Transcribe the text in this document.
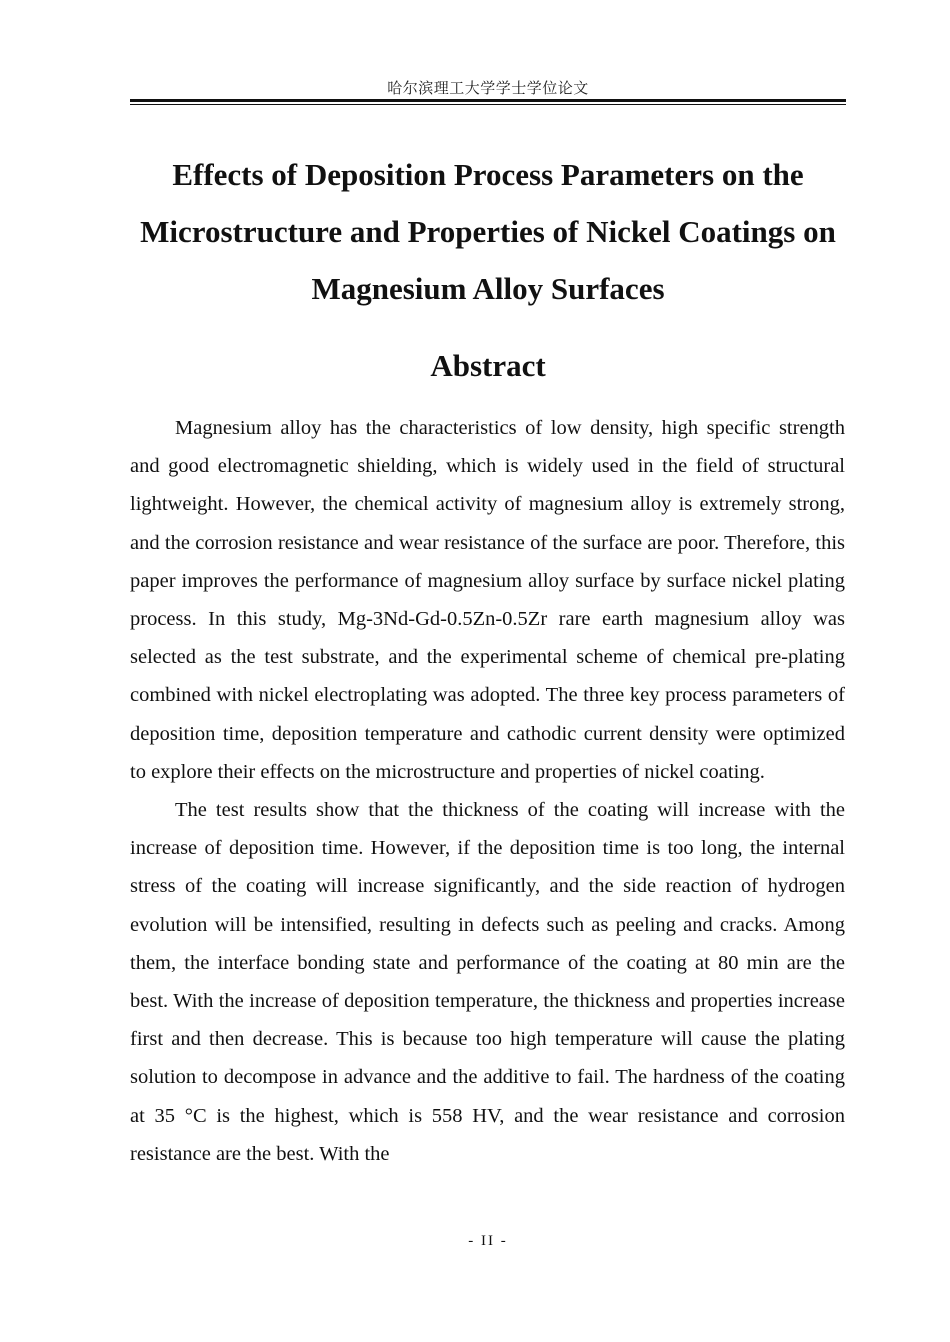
哈尔滨理工大学学士学位论文
Effects of Deposition Process Parameters on the Microstructure and Properties of Nickel Coatings on Magnesium Alloy Surfaces
Abstract

Magnesium alloy has the characteristics of low density, high specific strength and good electromagnetic shielding, which is widely used in the field of structural lightweight. However, the chemical activity of magnesium alloy is extremely strong, and the corrosion resistance and wear resistance of the surface are poor. Therefore, this paper improves the performance of magnesium alloy surface by surface nickel plating process. In this study, Mg-3Nd-Gd-0.5Zn-0.5Zr rare earth magnesium alloy was selected as the test substrate, and the experimental scheme of chemical pre-plating combined with nickel electroplating was adopted. The three key process parameters of deposition time, deposition temperature and cathodic current density were optimized to explore their effects on the microstructure and properties of nickel coating.

The test results show that the thickness of the coating will increase with the increase of deposition time. However, if the deposition time is too long, the internal stress of the coating will increase significantly, and the side reaction of hydrogen evolution will be intensified, resulting in defects such as peeling and cracks. Among them, the interface bonding state and performance of the coating at 80 min are the best. With the increase of deposition temperature, the thickness and properties increase first and then decrease. This is because too high temperature will cause the plating solution to decompose in advance and the additive to fail. The hardness of the coating at 35 °C is the highest, which is 558 HV, and the wear resistance and corrosion resistance are the best. With the

- II -
